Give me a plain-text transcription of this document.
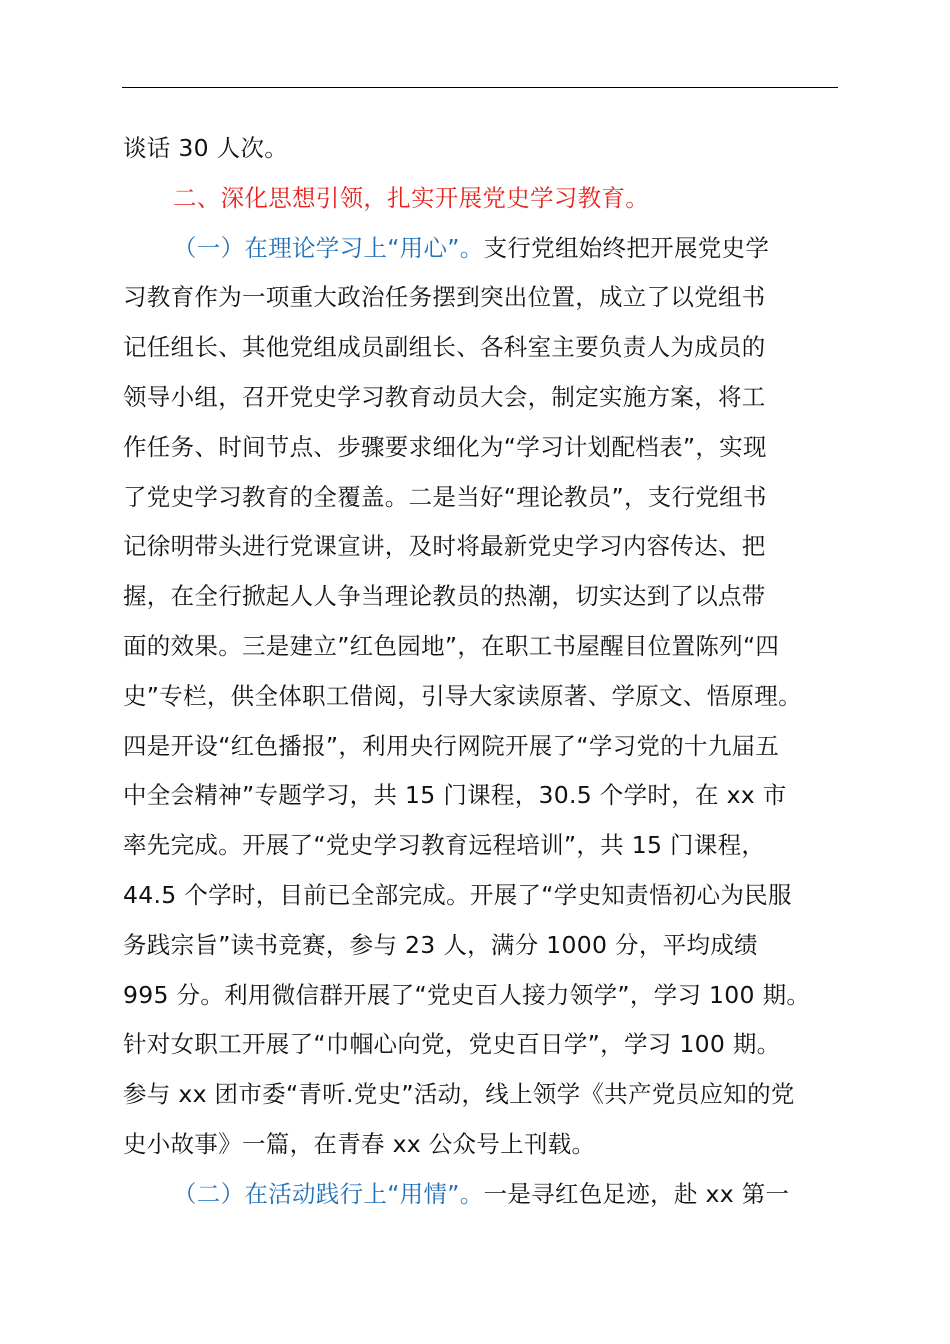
谈话 30 人次。
二、深化思想引领，扎实开展党史学习教育。
（一）在理论学习上“用心”。支行党组始终把开展党史学
习教育作为一项重大政治任务摆到突出位置，成立了以党组书
记任组长、其他党组成员副组长、各科室主要负责人为成员的
领导小组，召开党史学习教育动员大会，制定实施方案，将工
作任务、时间节点、步骤要求细化为“学习计划配档表”，实现
了党史学习教育的全覆盖。二是当好“理论教员”，支行党组书
记徐明带头进行党课宣讲，及时将最新党史学习内容传达、把
握，在全行掀起人人争当理论教员的热潮，切实达到了以点带
面的效果。三是建立”红色园地”，在职工书屋醒目位置陈列“四
史”专栏，供全体职工借阅，引导大家读原著、学原文、悟原理。
四是开设“红色播报”，利用央行网院开展了“学习党的十九届五
中全会精神”专题学习，共 15 门课程，30.5 个学时，在 xx 市
率先完成。开展了“党史学习教育远程培训”，共 15 门课程，
44.5 个学时，目前已全部完成。开展了“学史知责悟初心为民服
务践宗旨”读书竞赛，参与 23 人，满分 1000 分，平均成绩
995 分。利用微信群开展了“党史百人接力领学”，学习 100 期。
针对女职工开展了“巾帼心向党，党史百日学”，学习 100 期。
参与 xx 团市委“青听.党史”活动，线上领学《共产党员应知的党
史小故事》一篇，在青春 xx 公众号上刊载。
（二）在活动践行上“用情”。一是寻红色足迹，赴 xx 第一
